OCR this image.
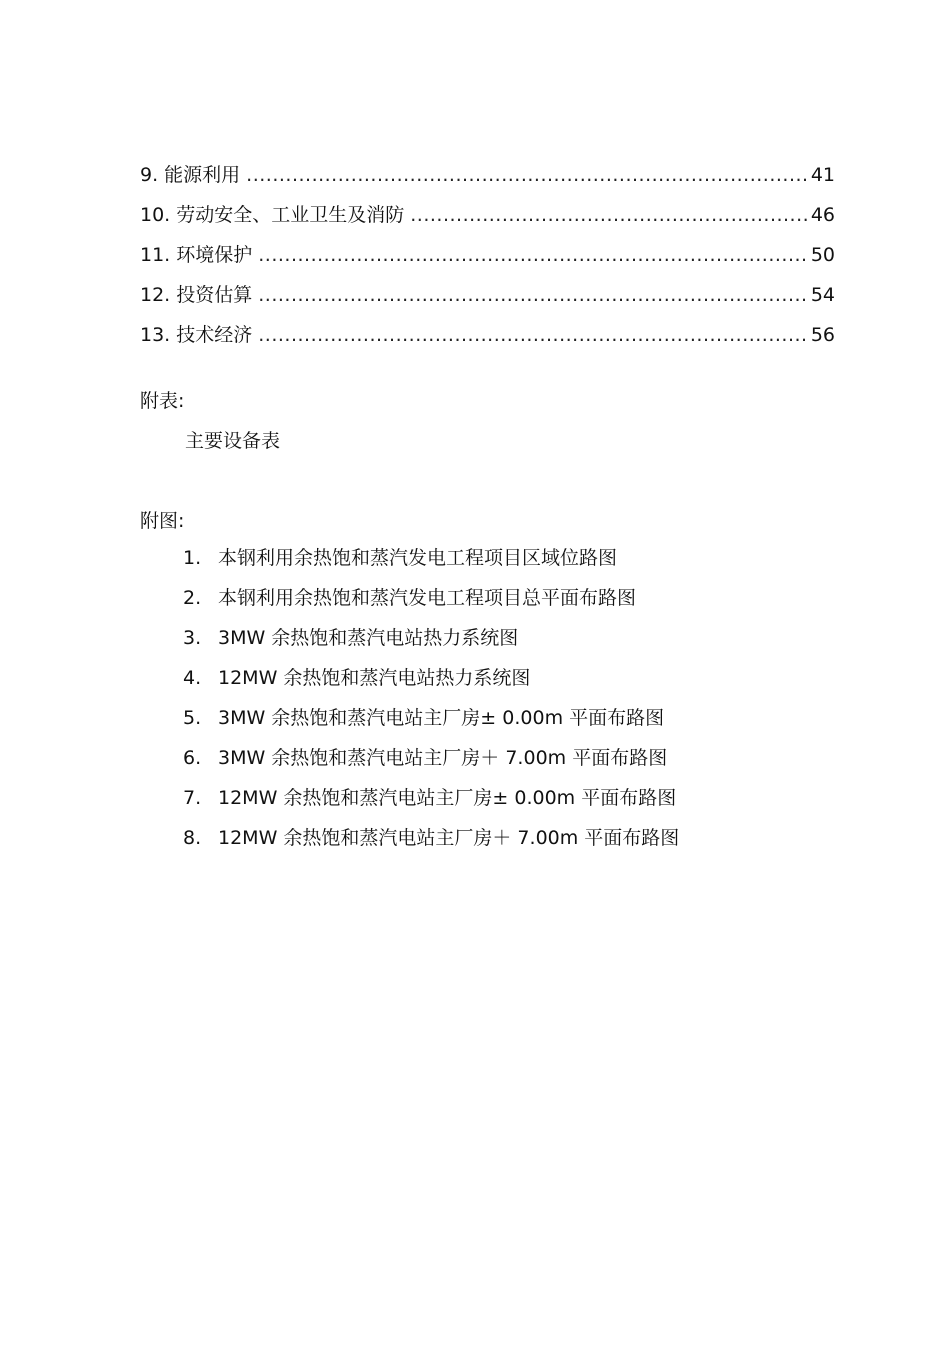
9. 能源利用 .....	41
10. 劳动安全、工业卫生及消防 .....	46
11. 环境保护 .....	50
12. 投资估算 .....	54
13. 技术经济 .....	56
附表:
主要设备表
附图:
1. 本钢利用余热饱和蒸汽发电工程项目区域位路图
2. 本钢利用余热饱和蒸汽发电工程项目总平面布路图
3. 3MW 余热饱和蒸汽电站热力系统图
4. 12MW 余热饱和蒸汽电站热力系统图
5. 3MW 余热饱和蒸汽电站主厂房± 0.00m 平面布路图
6. 3MW 余热饱和蒸汽电站主厂房＋ 7.00m 平面布路图
7. 12MW 余热饱和蒸汽电站主厂房± 0.00m 平面布路图
8. 12MW 余热饱和蒸汽电站主厂房＋ 7.00m 平面布路图
